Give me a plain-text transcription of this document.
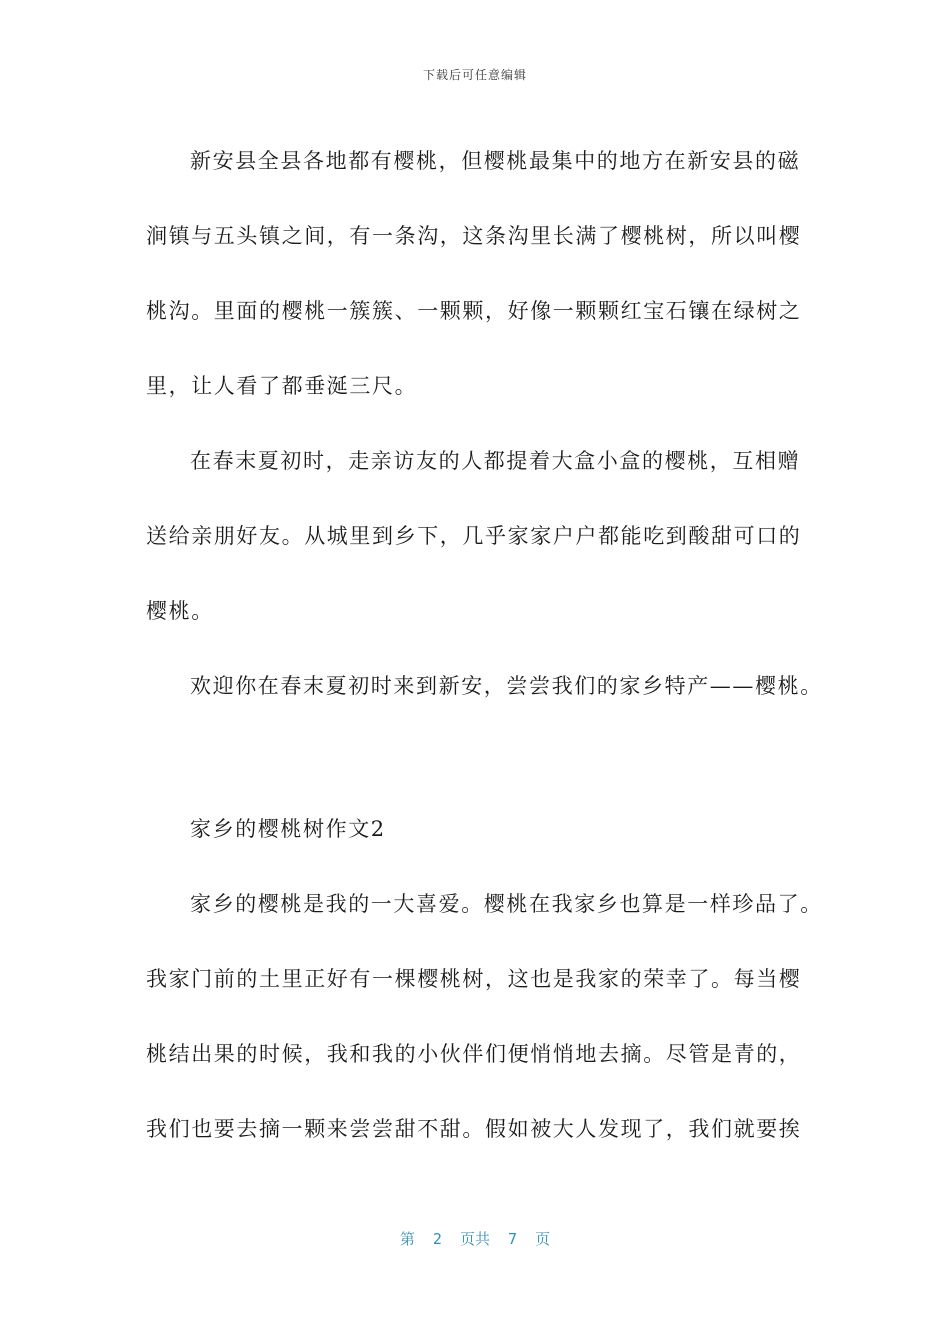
下载后可任意编辑

新安县全县各地都有樱桃，但樱桃最集中的地方在新安县的磁

涧镇与五头镇之间，有一条沟，这条沟里长满了樱桃树，所以叫樱

桃沟。里面的樱桃一簇簇、一颗颗，好像一颗颗红宝石镶在绿树之

里，让人看了都垂涎三尺。

在春末夏初时，走亲访友的人都提着大盒小盒的樱桃，互相赠

送给亲朋好友。从城里到乡下，几乎家家户户都能吃到酸甜可口的

樱桃。

欢迎你在春末夏初时来到新安，尝尝我们的家乡特产——樱桃。

家乡的樱桃树作文2

家乡的樱桃是我的一大喜爱。樱桃在我家乡也算是一样珍品了。

我家门前的土里正好有一棵樱桃树，这也是我家的荣幸了。每当樱

桃结出果的时候，我和我的小伙伴们便悄悄地去摘。尽管是青的，

我们也要去摘一颗来尝尝甜不甜。假如被大人发现了，我们就要挨

第  2  页共  7  页
